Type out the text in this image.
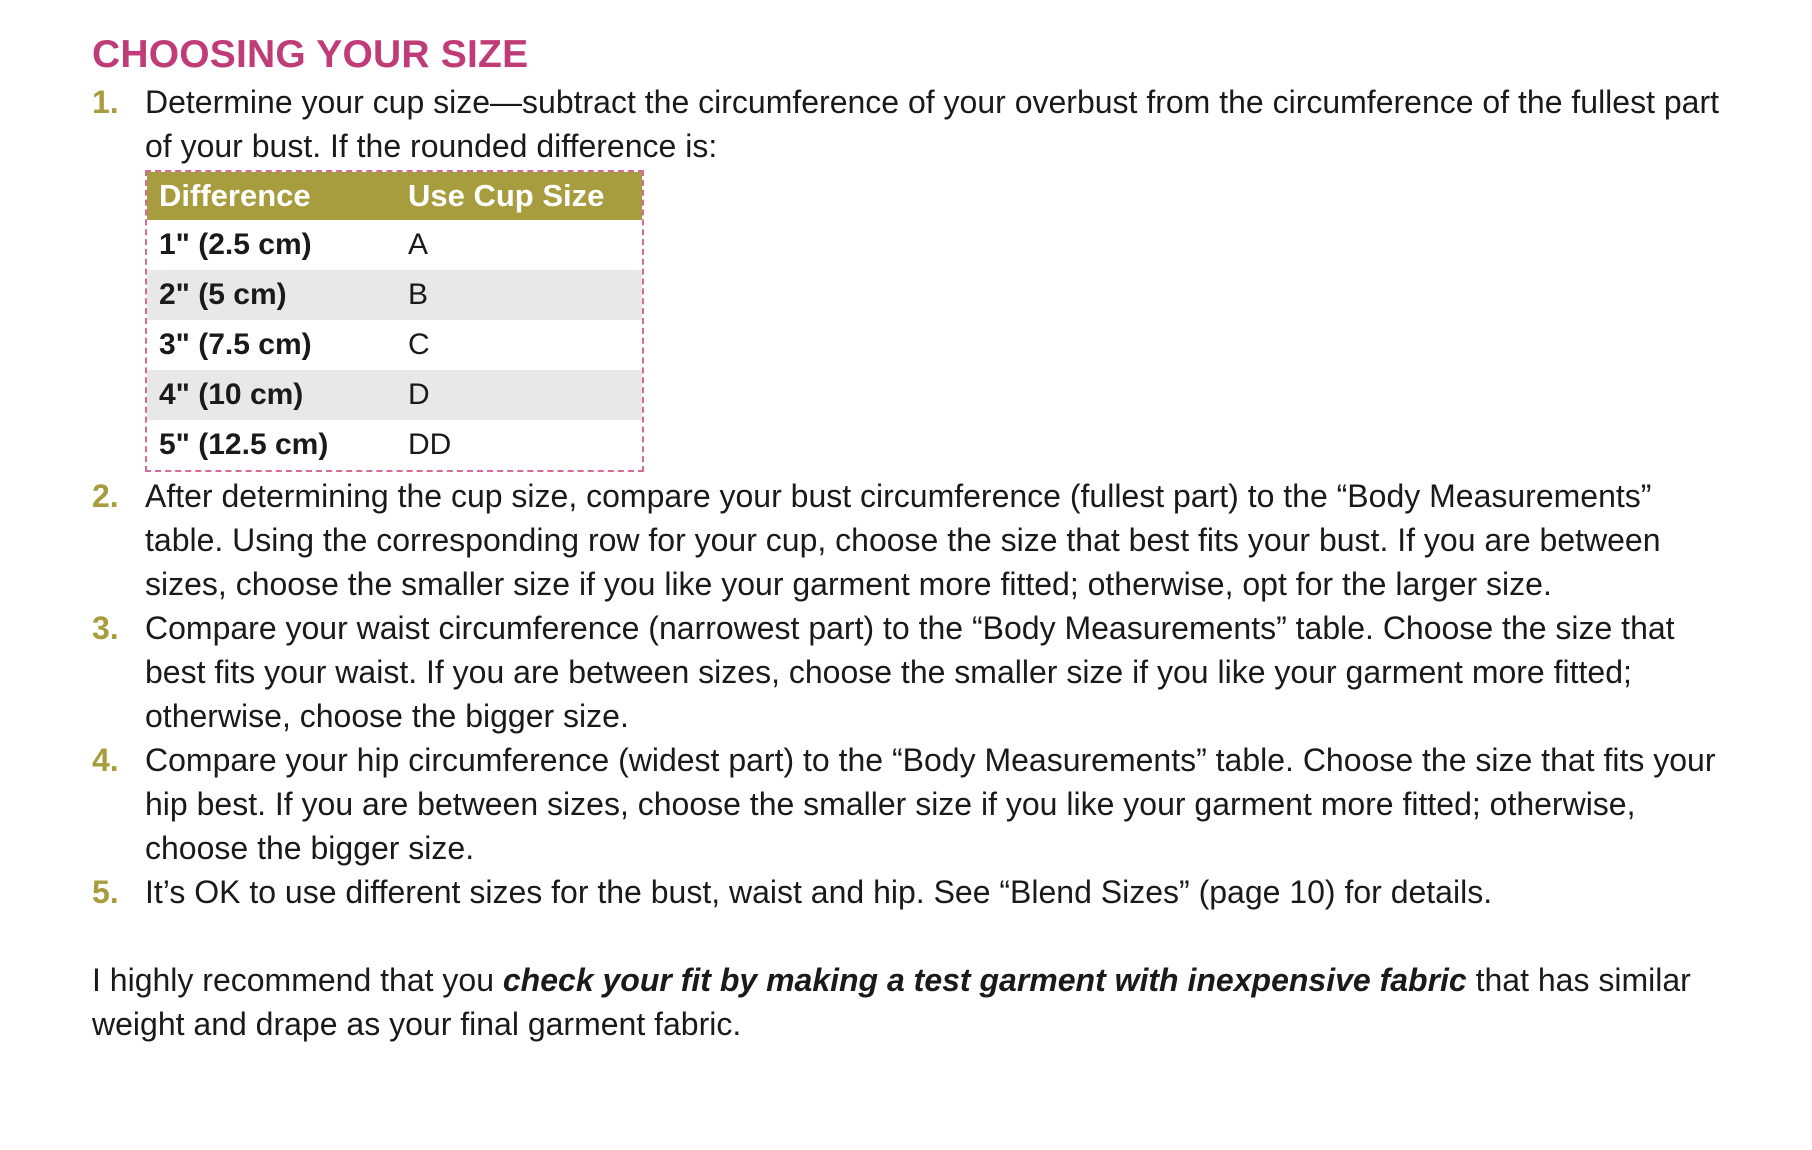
CHOOSING YOUR SIZE
1. Determine your cup size—subtract the circumference of your overbust from the circumference of the fullest part of your bust. If the rounded difference is:
Difference	Use Cup Size
1" (2.5 cm)	A
2" (5 cm)	B
3" (7.5 cm)	C
4" (10 cm)	D
5" (12.5 cm)	DD
2. After determining the cup size, compare your bust circumference (fullest part) to the “Body Measurements” table. Using the corresponding row for your cup, choose the size that best fits your bust. If you are between sizes, choose the smaller size if you like your garment more fitted; otherwise, opt for the larger size.
3. Compare your waist circumference (narrowest part) to the “Body Measurements” table. Choose the size that best fits your waist. If you are between sizes, choose the smaller size if you like your garment more fitted; otherwise, choose the bigger size.
4. Compare your hip circumference (widest part) to the “Body Measurements” table. Choose the size that fits your hip best. If you are between sizes, choose the smaller size if you like your garment more fitted; otherwise, choose the bigger size.
5. It’s OK to use different sizes for the bust, waist and hip. See “Blend Sizes” (page 10) for details.

I highly recommend that you check your fit by making a test garment with inexpensive fabric that has similar weight and drape as your final garment fabric.
